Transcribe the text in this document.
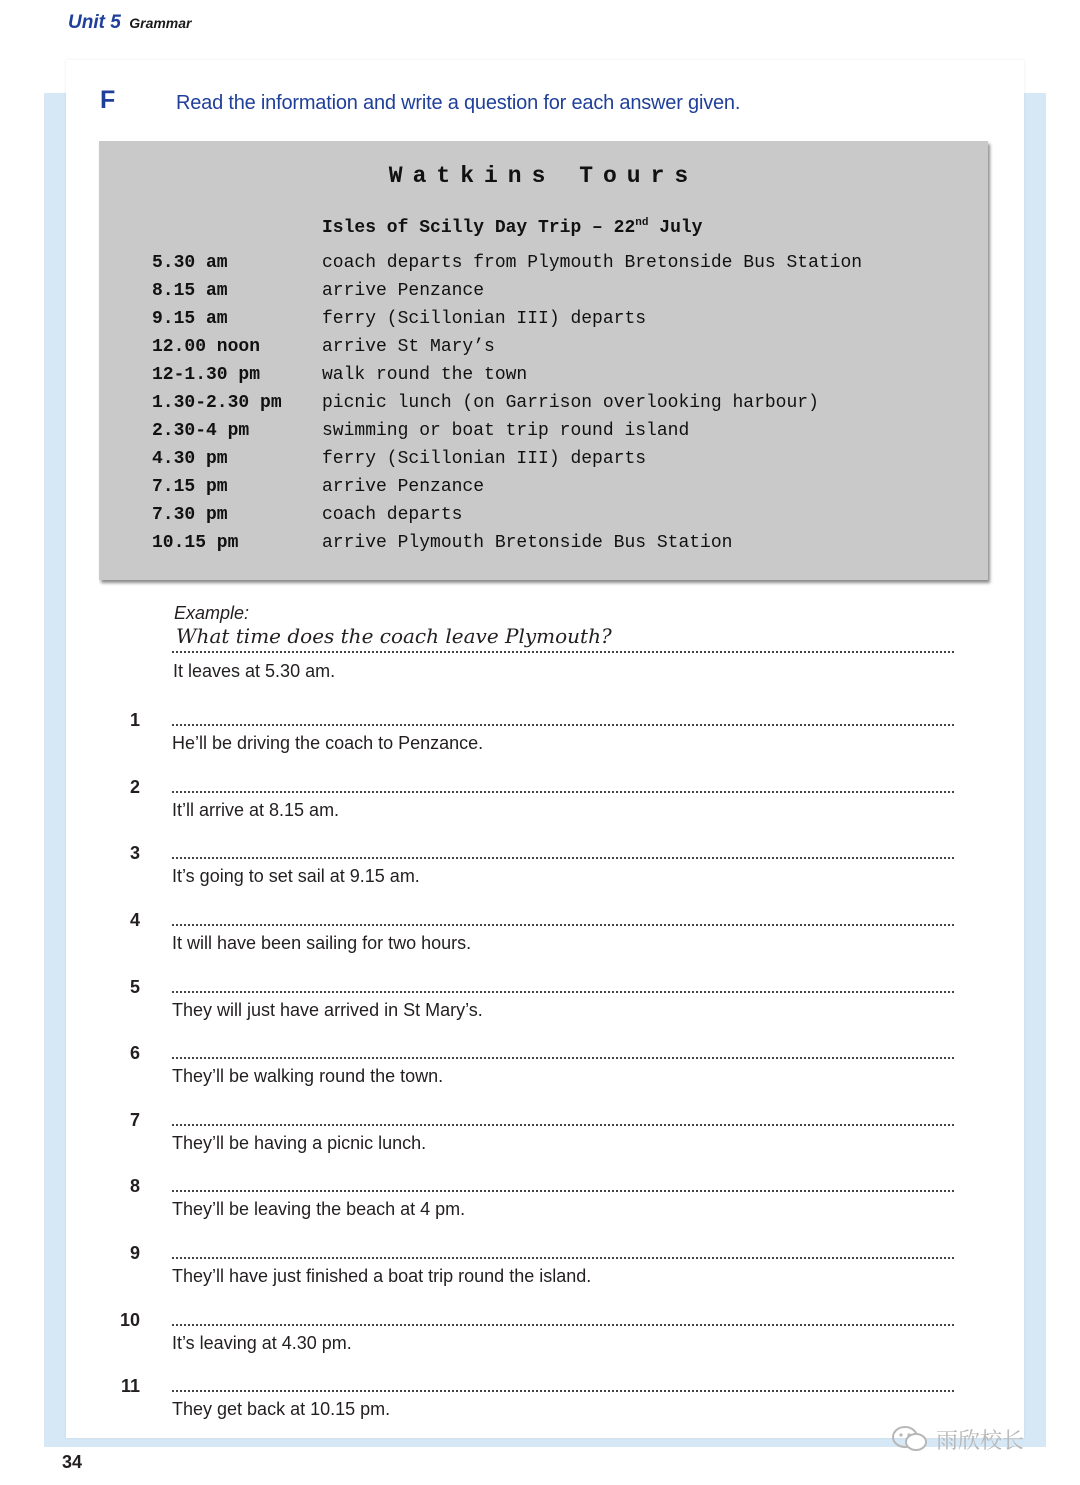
Unit 5 Grammar
F	Read the information and write a question for each answer given.
Watkins Tours
Isles of Scilly Day Trip – 22nd July
5.30 am	coach departs from Plymouth Bretonside Bus Station
8.15 am	arrive Penzance
9.15 am	ferry (Scillonian III) departs
12.00 noon	arrive St Mary’s
12-1.30 pm	walk round the town
1.30-2.30 pm picnic lunch (on Garrison overlooking harbour)
2.30-4 pm	swimming or boat trip round island
4.30 pm	ferry (Scillonian III) departs
7.15 pm	arrive Penzance
7.30 pm	coach departs
10.15 pm	arrive Plymouth Bretonside Bus Station
Example:
What time does the coach leave Plymouth?
It leaves at 5.30 am.
1
He’ll be driving the coach to Penzance.
2
It’ll arrive at 8.15 am.
3
It’s going to set sail at 9.15 am.
4
It will have been sailing for two hours.
5
They will just have arrived in St Mary’s.
6
They’ll be walking round the town.
7
They’ll be having a picnic lunch.
8
They’ll be leaving the beach at 4 pm.
9
They’ll have just finished a boat trip round the island.
10
It’s leaving at 4.30 pm.
11
They get back at 10.15 pm.
34
雨欣校长
